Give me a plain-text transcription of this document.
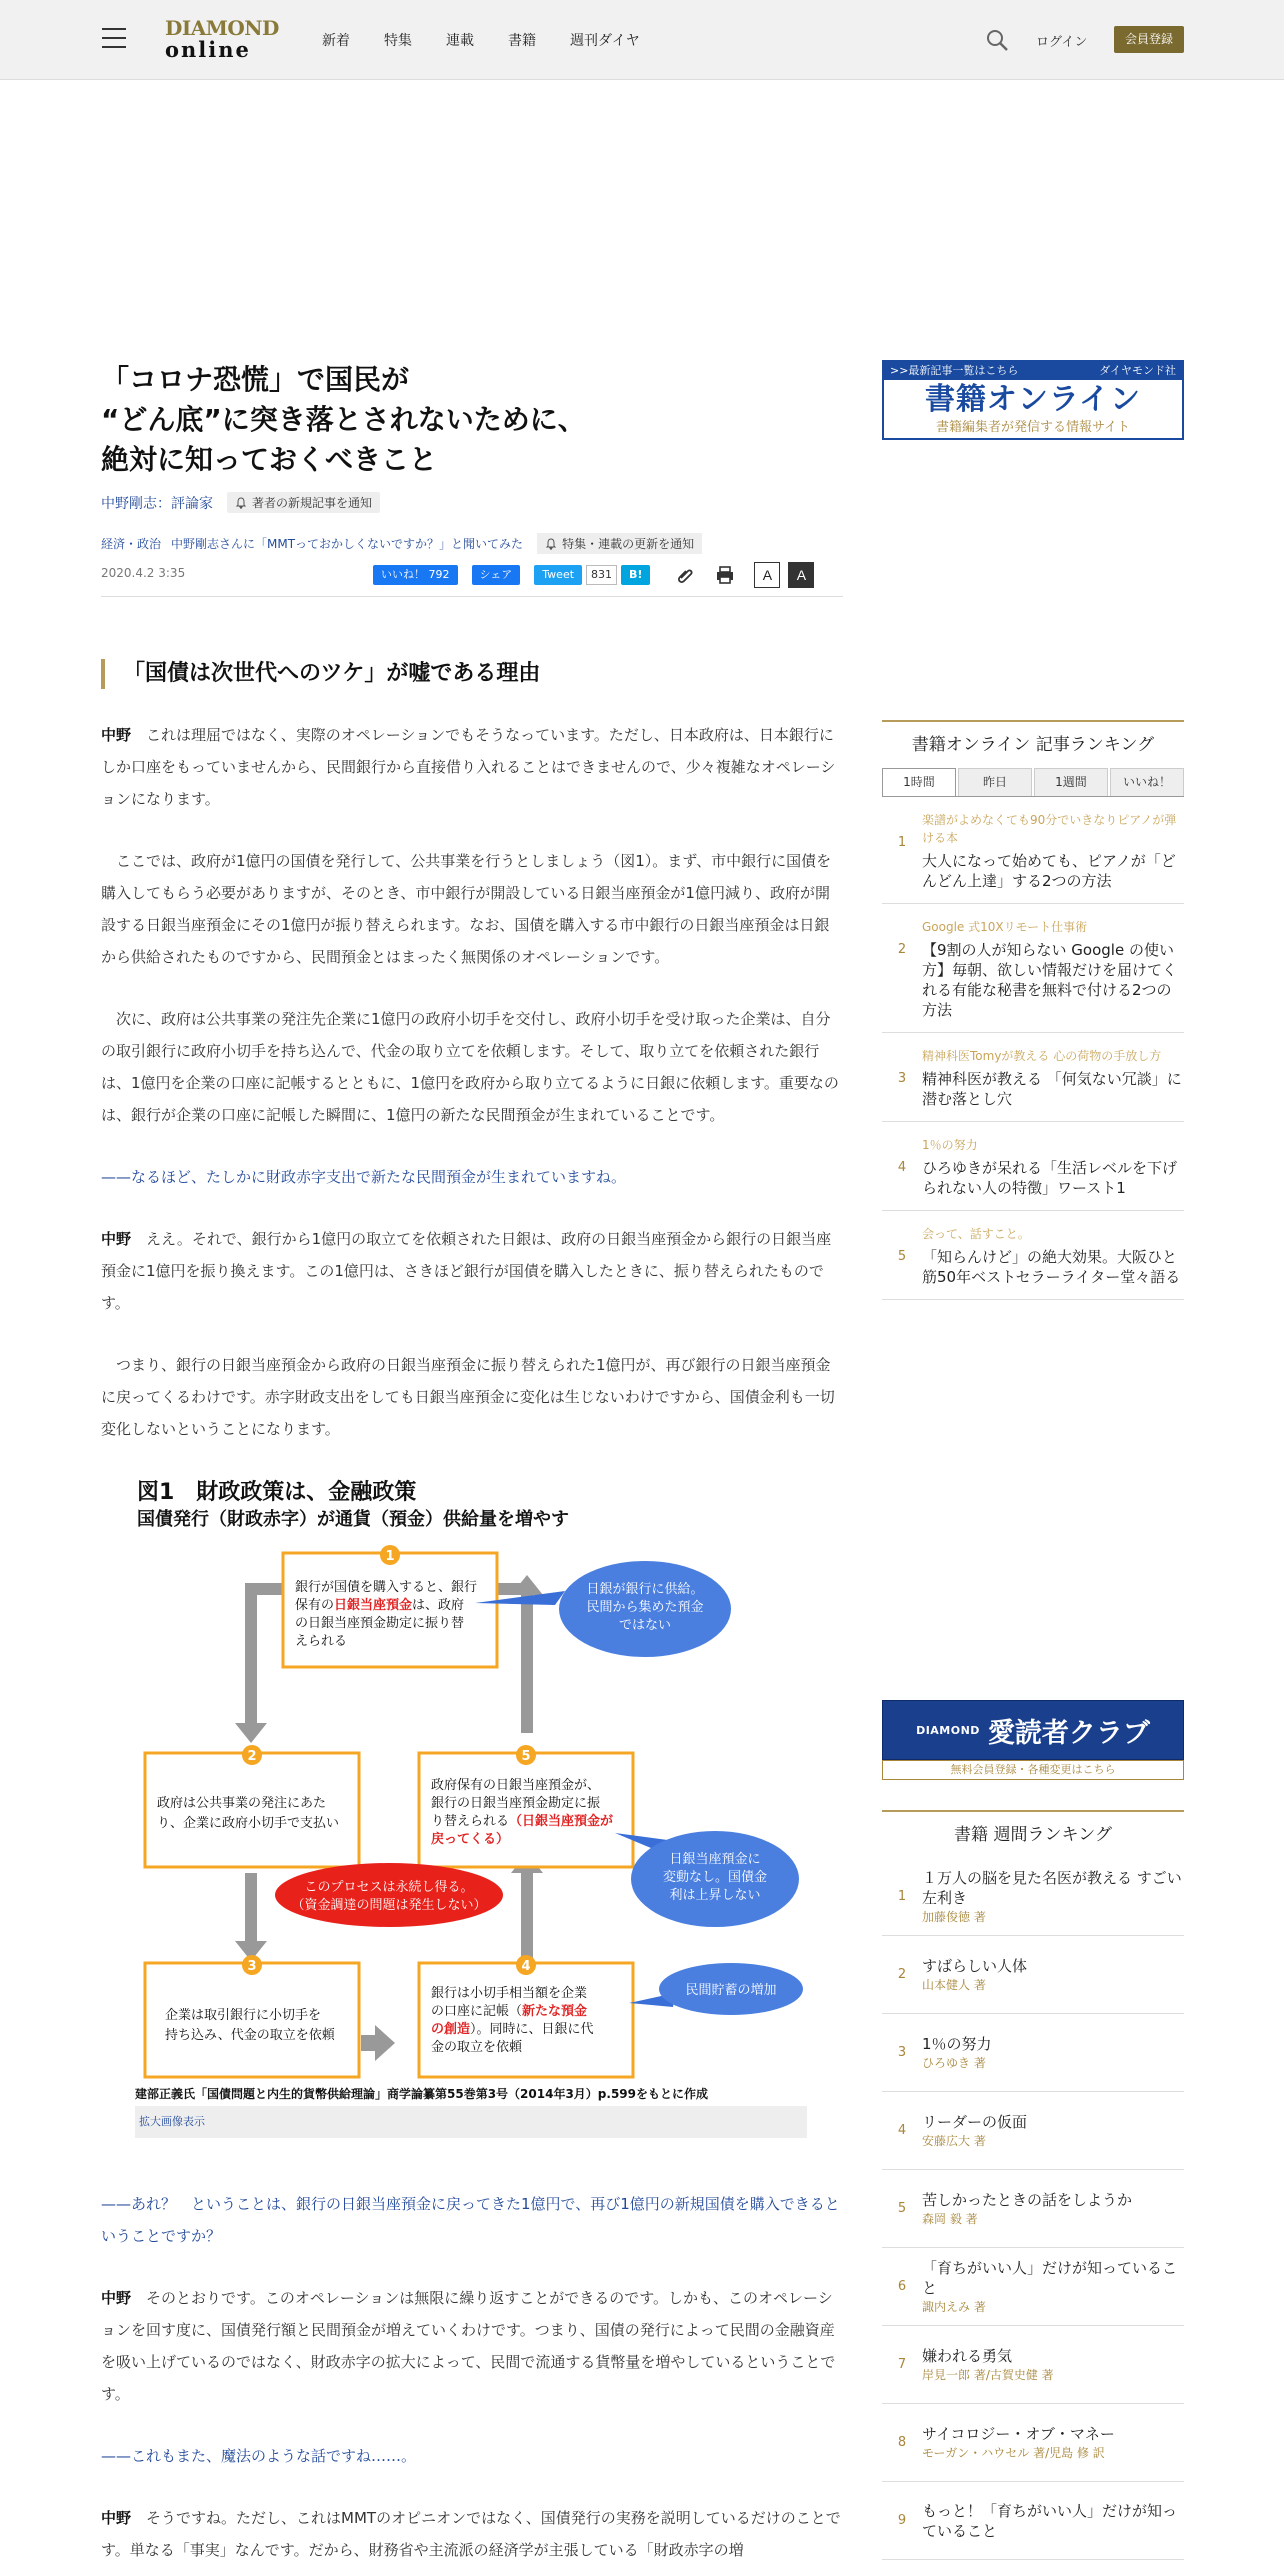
DIAMOND
online	新着 特集 連載 書籍 週刊ダイヤ	ログイン	会員登録
「コロナ恐慌」で国民が
“どん底”に突き落とされないために、
絶対に知っておくべきこと
中野剛志：評論家	著者の新規記事を通知
経済・政治 中野剛志さんに「MMTっておかしくないですか？」と聞いてみた	特集・連載の更新を通知
2020.4.2 3:35	いいね！ 792	シェア	Tweet	831	B!	A	A
「国債は次世代へのツケ」が嘘である理由

中野　これは理屈ではなく、実際のオペレーションでもそうなっています。ただし、日本政府は、日本銀行にしか口座をもっていませんから、民間銀行から直接借り入れることはできませんので、少々複雑なオペレーションになります。

　ここでは、政府が1億円の国債を発行して、公共事業を行うとしましょう（図1）。まず、市中銀行に国債を購入してもらう必要がありますが、そのとき、市中銀行が開設している日銀当座預金が1億円減り、政府が開設する日銀当座預金にその1億円が振り替えられます。なお、国債を購入する市中銀行の日銀当座預金は日銀から供給されたものですから、民間預金とはまったく無関係のオペレーションです。

　次に、政府は公共事業の発注先企業に1億円の政府小切手を交付し、政府小切手を受け取った企業は、自分の取引銀行に政府小切手を持ち込んで、代金の取り立てを依頼します。そして、取り立てを依頼された銀行は、1億円を企業の口座に記帳するとともに、1億円を政府から取り立てるように日銀に依頼します。重要なのは、銀行が企業の口座に記帳した瞬間に、1億円の新たな民間預金が生まれていることです。

——なるほど、たしかに財政赤字支出で新たな民間預金が生まれていますね。

中野　ええ。それで、銀行から1億円の取立てを依頼された日銀は、政府の日銀当座預金から銀行の日銀当座預金に1億円を振り換えます。この1億円は、さきほど銀行が国債を購入したときに、振り替えられたものです。

　つまり、銀行の日銀当座預金から政府の日銀当座預金に振り替えられた1億円が、再び銀行の日銀当座預金に戻ってくるわけです。赤字財政支出をしても日銀当座預金に変化は生じないわけですから、国債金利も一切変化しないということになります。

図1　財政政策は、金融政策
国債発行（財政赤字）が通貨（預金）供給量を増やす
1
銀行が国債を購入すると、銀行
保有の日銀当座預金は、政府
の日銀当座預金勘定に振り替
えられる
日銀が銀行に供給。
民間から集めた預金
ではない
2
政府は公共事業の発注にあた
り、企業に政府小切手で支払い
5
政府保有の日銀当座預金が、
銀行の日銀当座預金勘定に振
り替えられる（日銀当座預金が
戻ってくる）
このプロセスは永続し得る。
（資金調達の問題は発生しない）
日銀当座預金に
変動なし。国債金
利は上昇しない
3
企業は取引銀行に小切手を
持ち込み、代金の取立を依頼
4
銀行は小切手相当額を企業
の口座に記帳（新たな預金
の創造）。同時に、日銀に代
金の取立を依頼
民間貯蓄の増加
建部正義氏「国債問題と内生的貨幣供給理論」商学論纂第55巻第3号（2014年3月）p.599をもとに作成
拡大画像表示

——あれ？　ということは、銀行の日銀当座預金に戻ってきた1億円で、再び1億円の新規国債を購入できるということですか？

中野　そのとおりです。このオペレーションは無限に繰り返すことができるのです。しかも、このオペレーションを回す度に、国債発行額と民間預金が増えていくわけです。つまり、国債の発行によって民間の金融資産を吸い上げているのではなく、財政赤字の拡大によって、民間で流通する貨幣量を増やしているということです。

——これもまた、魔法のような話ですね……。

中野　そうですね。ただし、これはMMTのオピニオンではなく、国債発行の実務を説明しているだけのことです。単なる「事実」なんです。だから、財務省や主流派の経済学が主張している「財政赤字の増

>>最新記事一覧はこちら	ダイヤモンド社
書籍オンライン
書籍編集者が発信する情報サイト
書籍オンライン 記事ランキング
1時間	昨日	1週間	いいね！
1
楽譜がよめなくても90分でいきなりピアノが弾ける本
大人になって始めても、ピアノが「どんどん上達」する2つの方法
2
Google 式10Xリモート仕事術
【9割の人が知らない Google の使い方】毎朝、欲しい情報だけを届けてくれる有能な秘書を無料で付ける2つの方法
3
精神科医Tomyが教える 心の荷物の手放し方
精神科医が教える 「何気ない冗談」に潜む落とし穴
4
1％の努力
ひろゆきが呆れる「生活レベルを下げられない人の特徴」ワースト1
5
会って、話すこと。
「知らんけど」の絶大効果。大阪ひと筋50年ベストセラーライター堂々語る
DIAMOND 愛読者クラブ
無料会員登録・各種変更はこちら
書籍 週間ランキング
1
１万人の脳を見た名医が教える すごい左利き
加藤俊徳 著
2	すばらしい人体
山本健人 著
3	1％の努力
ひろゆき 著
4	リーダーの仮面
安藤広大 著
5	苦しかったときの話をしようか
森岡 毅 著
6
「育ちがいい人」だけが知っていること
諏内えみ 著
7	嫌われる勇気
岸見一郎 著/古賀史健 著
8	サイコロジー・オブ・マネー
モーガン・ハウセル 著/児島 修 訳
9
もっと！「育ちがいい人」だけが知っていること
